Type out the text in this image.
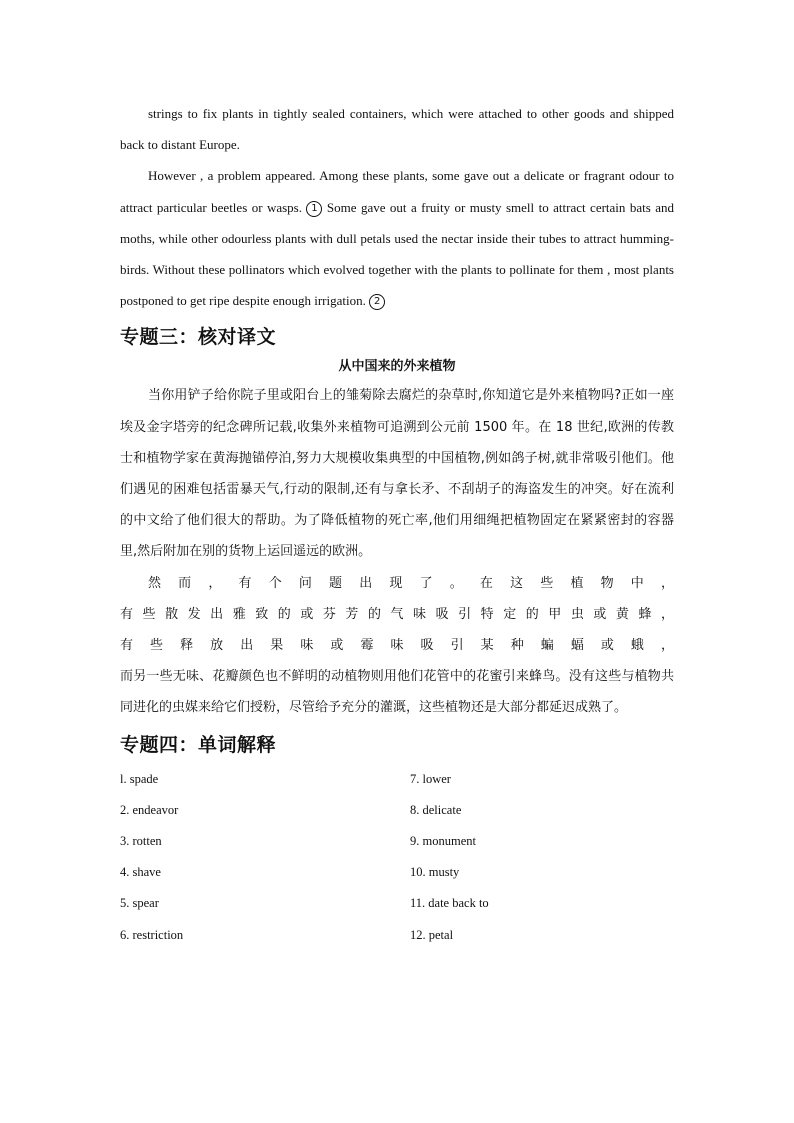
strings to fix plants in tightly sealed containers, which were attached to other goods and shipped back to distant Europe.

However , a problem appeared. Among these plants, some gave out a delicate or fragrant odour to attract particular beetles or wasps. 1 Some gave out a fruity or musty smell to attract certain bats and moths, while other odourless plants with dull petals used the nectar inside their tubes to attract humming-birds. Without these pollinators which evolved together with the plants to pollinate for them , most plants postponed to get ripe despite enough irrigation. 2

专题三：核对译文
从中国来的外来植物

当你用铲子给你院子里或阳台上的雏菊除去腐烂的杂草时,你知道它是外来植物吗?正如一座埃及金字塔旁的纪念碑所记载,收集外来植物可追溯到公元前 1500 年。在 18 世纪,欧洲的传教士和植物学家在黄海抛锚停泊,努力大规模收集典型的中国植物,例如鸽子树,就非常吸引他们。他们遇见的困难包括雷暴天气,行动的限制,还有与拿长矛、不刮胡子的海盗发生的冲突。好在流利的中文给了他们很大的帮助。为了降低植物的死亡率,他们用细绳把植物固定在紧紧密封的容器里,然后附加在别的货物上运回遥远的欧洲。

然而，有个问题出现了。在这些植物中，

有些散发出雅致的或芬芳的气味吸引特定的甲虫或黄蜂，

有些释放出果味或霉味吸引某种蝙蝠或蛾，

而另一些无味、花瓣颜色也不鲜明的动植物则用他们花管中的花蜜引来蜂鸟。没有这些与植物共同进化的虫媒来给它们授粉，尽管给予充分的灌溉，这些植物还是大部分都延迟成熟了。

专题四：单词解释
l. spade	7. lower
2. endeavor	8. delicate
3. rotten	9. monument
4. shave	10. musty
5. spear	11. date back to
6. restriction	12. petal
